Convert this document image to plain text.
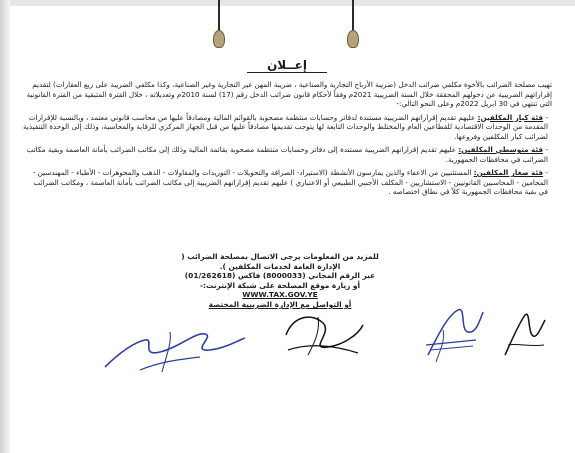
إعــلان

تهيب مصلحة الضرائب بالأخوة مكلفي ضرائب الدخل (ضريبة الأرباح التجارية والصناعية ، ضريبة المهن غير التجارية وغير الصناعية، وكذا مكلفي الضريبة على ريع العقارات) لتقديم إقراراتهم الضريبية عن دخولهم المحققة خلال السنة الضريبية 2021م وفقاً لأحكام قانون ضرائب الدخل رقم (17) لسنة 2010م وتعديلاته ، خلال الفترة المتبقية من الفترة القانونية التي تنتهي في 30 ابريل 2022م وعلى النحو التالي:-

- فئة كبار المكلفين: عليهم تقديم إقراراتهم الضريبية مستندة لدفاتر وحسابات منتظمة مصحوبة بالقوائم المالية ومصادقاً عليها من محاسب قانوني معتمد ، وبالنسبة للإقرارات المقدمة من الوحدات الاقتصادية للقطاعين العام والمختلط والوحدات التابعة لها يتوجب تقديمها مصادقاً عليها من قبل الجهاز المركزي للرقابة والمحاسبة، وذلك إلى الوحدة التنفيذية لضرائب كبار المكلفين وفروعها.

- فئة متوسطي المكلفين: عليهم تقديم إقراراتهم الضريبية مستندة إلى دفاتر وحسابات منتظمة مصحوبة بقائمة المالية وذلك إلى مكاتب الضرائب بأمانة العاصمة وبقية مكاتب الضرائب في محافظات الجمهورية.

- فئة صغار المكلفين: المستثنيين من الاعفاء والذين يمارسون الأنشطة (الاستيراد- الصرافة والتحويلات - التوريدات والمقاولات - الذهب والمجوهرات - الأطباء - المهندسين - المحامين - المحاسبين القانونيين - الاستشاريين - المكلف الأجنبي الطبيعي أو الاعتباري ) عليهم تقديم إقراراتهم الضريبية إلى مكاتب الضرائب بأمانة العاصمة ، ومكاتب الضرائب في بقية محافظات الجمهورية كلاً في نطاق اختصاصه .

للمزيد من المعلومات يرجى الاتصال بمصلحة الضرائب ( الإدارة العامة لخدمات المكلفين ).

عبر الرقم المجاني (8000033) فاكس (01/262618)

أو زيارة موقع المصلحة على شبكة الإنترنت:-

WWW.TAX.GOV.YE

أو التواصل مع الإدارة الضريبية المختصة
